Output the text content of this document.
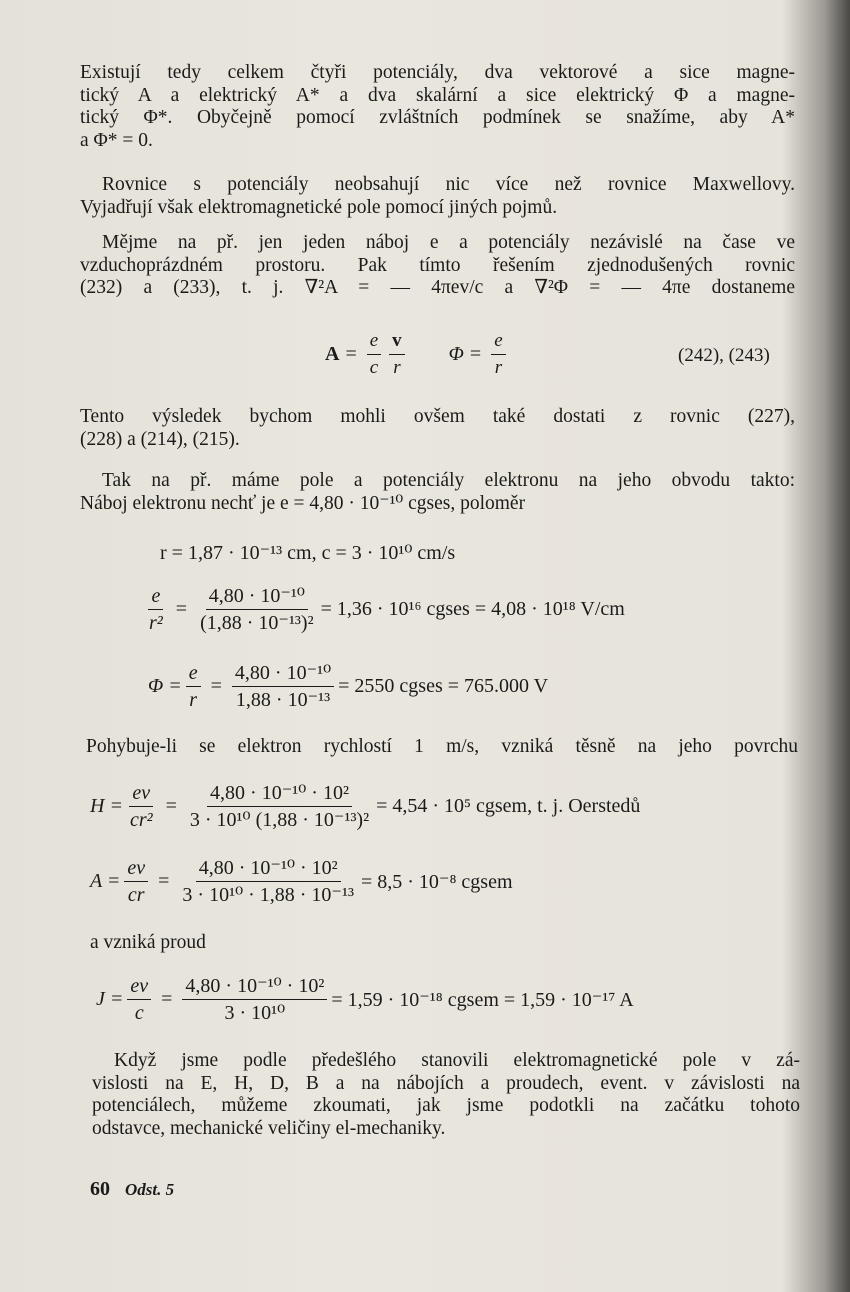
Existují tedy celkem čtyři potenciály, dva vektorové a sice magne-
tický A a elektrický A* a dva skalární a sice elektrický Φ a magne-
tický Φ*. Obyčejně pomocí zvláštních podmínek se snažíme, aby A*
a Φ* = 0.
Rovnice s potenciály neobsahují nic více než rovnice Maxwellovy.
Vyjadřují však elektromagnetické pole pomocí jiných pojmů.
Mějme na př. jen jeden náboj e a potenciály nezávislé na čase ve
vzduchoprázdném prostoru. Pak tímto řešením zjednodušených rovnic
(232) a (233), t. j. ∇²A = — 4πev/c a ∇²Φ = — 4πe dostaneme
$A = \frac{e}{c} \frac{v}{r}$ $\Phi = \frac{e}{r}$	(242), (243)
Tento výsledek bychom mohli ovšem také dostati z rovnic (227),
(228) a (214), (215).
Tak na př. máme pole a potenciály elektronu na jeho obvodu takto:
Náboj elektronu nechť je e = 4,80 · 10⁻¹⁰ cgses, poloměr
r = 1,87 · 10⁻¹³ cm, c = 3 · 10¹⁰ cm/s
$\frac{e}{\text{r²}} = \frac{\text{4,80 · 10⁻¹⁰}}{\text{(1,88 · 10⁻¹³)²}} = 1,36 \cdot 10^{16}$ cgses = 4,08 · 10¹⁸ V/cm
$\Phi = \frac{e}{r} = \frac{\text{4,80 · 10⁻¹⁰}}{\text{1,88 · 10⁻¹³}} = 2550$ cgses = 765.000 V
Pohybuje-li se elektron rychlostí 1 m/s, vzniká těsně na jeho povrchu
$H = \frac{ev}{\text{cr²}} = \frac{\text{4,80 · 10⁻¹⁰ · 10²}}{\text{3 · 10¹⁰ (1,88 · 10⁻¹³)²}} = 4,54 \cdot 10^5$ cgsem, t. j. Oerstedů
$A = \frac{ev}{cr} = \frac{\text{4,80 · 10⁻¹⁰ · 10²}}{\text{3 · 10¹⁰ · 1,88 · 10⁻¹³}} = 8,5 \cdot 10^{-8}$ cgsem
a vzniká proud
$J = \frac{ev}{c} = \frac{\text{4,80 · 10⁻¹⁰ · 10²}}{\text{3 · 10¹⁰}} = 1,59 \cdot 10^{-18}$ cgsem = 1,59 · 10⁻¹⁷ A
Když jsme podle předešlého stanovili elektromagnetické pole v zá-
vislosti na E, H, D, B a na nábojích a proudech, event. v závislosti na
potenciálech, můžeme zkoumati, jak jsme podotkli na začátku tohoto
odstavce, mechanické veličiny el-mechaniky.
60 Odst. 5
